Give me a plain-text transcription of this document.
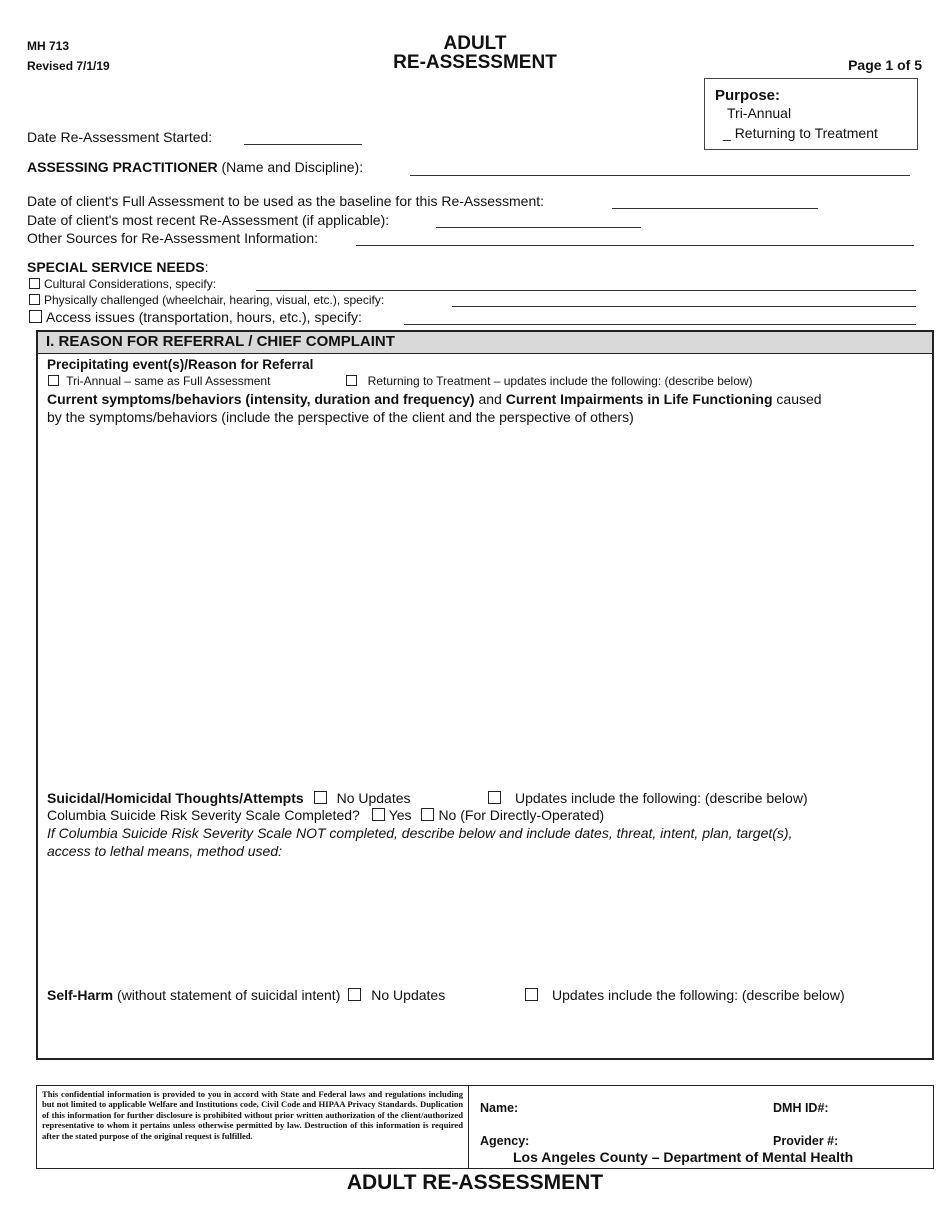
MH 713
Revised 7/1/19
ADULT
RE-ASSESSMENT	Page 1 of 5
Purpose:
Tri-Annual
_ Returning to Treatment
Date Re-Assessment Started:
ASSESSING PRACTITIONER (Name and Discipline):
Date of client's Full Assessment to be used as the baseline for this Re-Assessment:
Date of client's most recent Re-Assessment (if applicable):
Other Sources for Re-Assessment Information:
SPECIAL SERVICE NEEDS:
Cultural Considerations, specify:
Physically challenged (wheelchair, hearing, visual, etc.), specify:
Access issues (transportation, hours, etc.), specify:
I. REASON FOR REFERRAL / CHIEF COMPLAINT
Precipitating event(s)/Reason for Referral
Tri-Annual – same as Full Assessment	Returning to Treatment – updates include the following: (describe below)
Current symptoms/behaviors (intensity, duration and frequency) and Current Impairments in Life Functioning caused
by the symptoms/behaviors (include the perspective of the client and the perspective of others)
Suicidal/Homicidal Thoughts/Attempts No Updates	Updates include the following: (describe below)
Columbia Suicide Risk Severity Scale Completed? Yes No (For Directly-Operated)
If Columbia Suicide Risk Severity Scale NOT completed, describe below and include dates, threat, intent, plan, target(s),
access to lethal means, method used:
Self-Harm (without statement of suicidal intent) No Updates	Updates include the following: (describe below)
This confidential information is provided to you in accord with State and Federal laws and regulations including but not limited to applicable Welfare and Institutions code, Civil Code and HIPAA Privacy Standards. Duplication of this information for further disclosure is prohibited without prior written authorization of the client/authorized representative to whom it pertains unless otherwise permitted by law. Destruction of this information is required after the stated purpose of the original request is fulfilled.
Name:	DMH ID#:
Agency:	Provider #:
Los Angeles County – Department of Mental Health
ADULT RE-ASSESSMENT
